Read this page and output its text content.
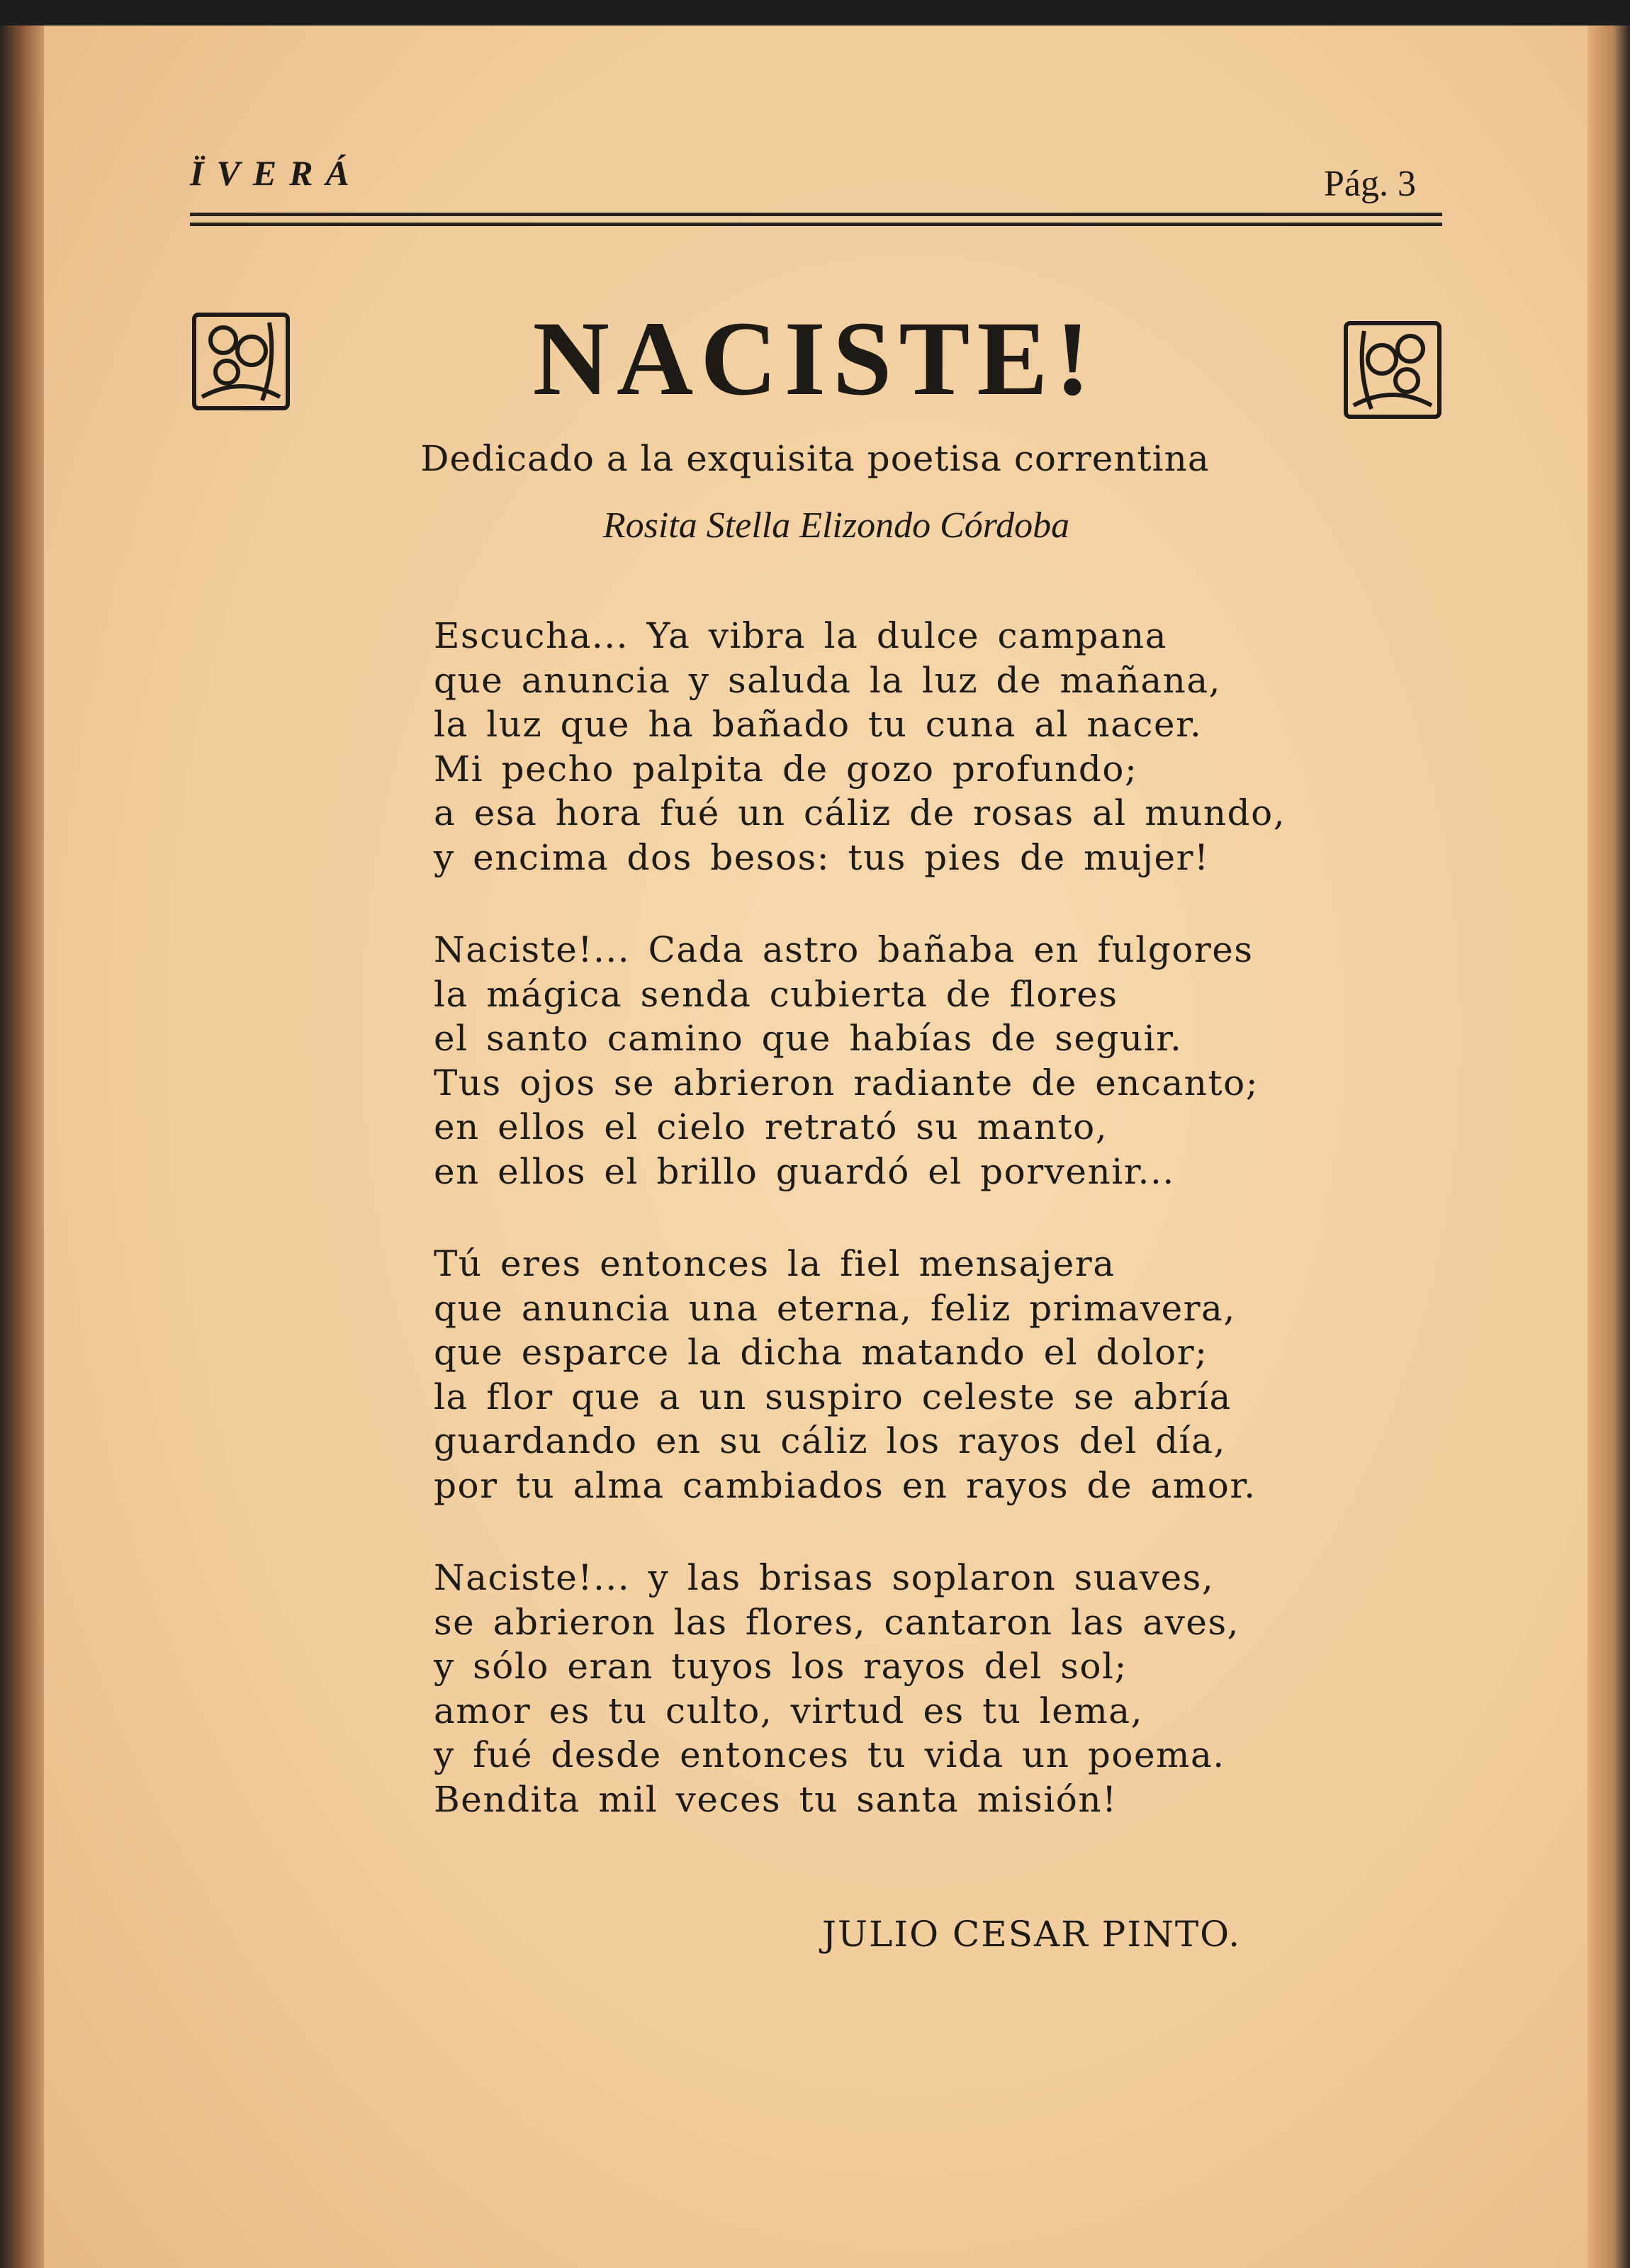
ÏVERÁ	Pág. 3
NACISTE!
Dedicado a la exquisita poetisa correntina
Rosita Stella Elizondo Córdoba
Escucha... Ya vibra la dulce campana
que anuncia y saluda la luz de mañana,
la luz que ha bañado tu cuna al nacer.
Mi pecho palpita de gozo profundo;
a esa hora fué un cáliz de rosas al mundo,
y encima dos besos: tus pies de mujer!
Naciste!... Cada astro bañaba en fulgores
la mágica senda cubierta de flores
el santo camino que habías de seguir.
Tus ojos se abrieron radiante de encanto;
en ellos el cielo retrató su manto,
en ellos el brillo guardó el porvenir...
Tú eres entonces la fiel mensajera
que anuncia una eterna, feliz primavera,
que esparce la dicha matando el dolor;
la flor que a un suspiro celeste se abría
guardando en su cáliz los rayos del día,
por tu alma cambiados en rayos de amor.
Naciste!... y las brisas soplaron suaves,
se abrieron las flores, cantaron las aves,
y sólo eran tuyos los rayos del sol;
amor es tu culto, virtud es tu lema,
y fué desde entonces tu vida un poema.
Bendita mil veces tu santa misión!
JULIO CESAR PINTO.
